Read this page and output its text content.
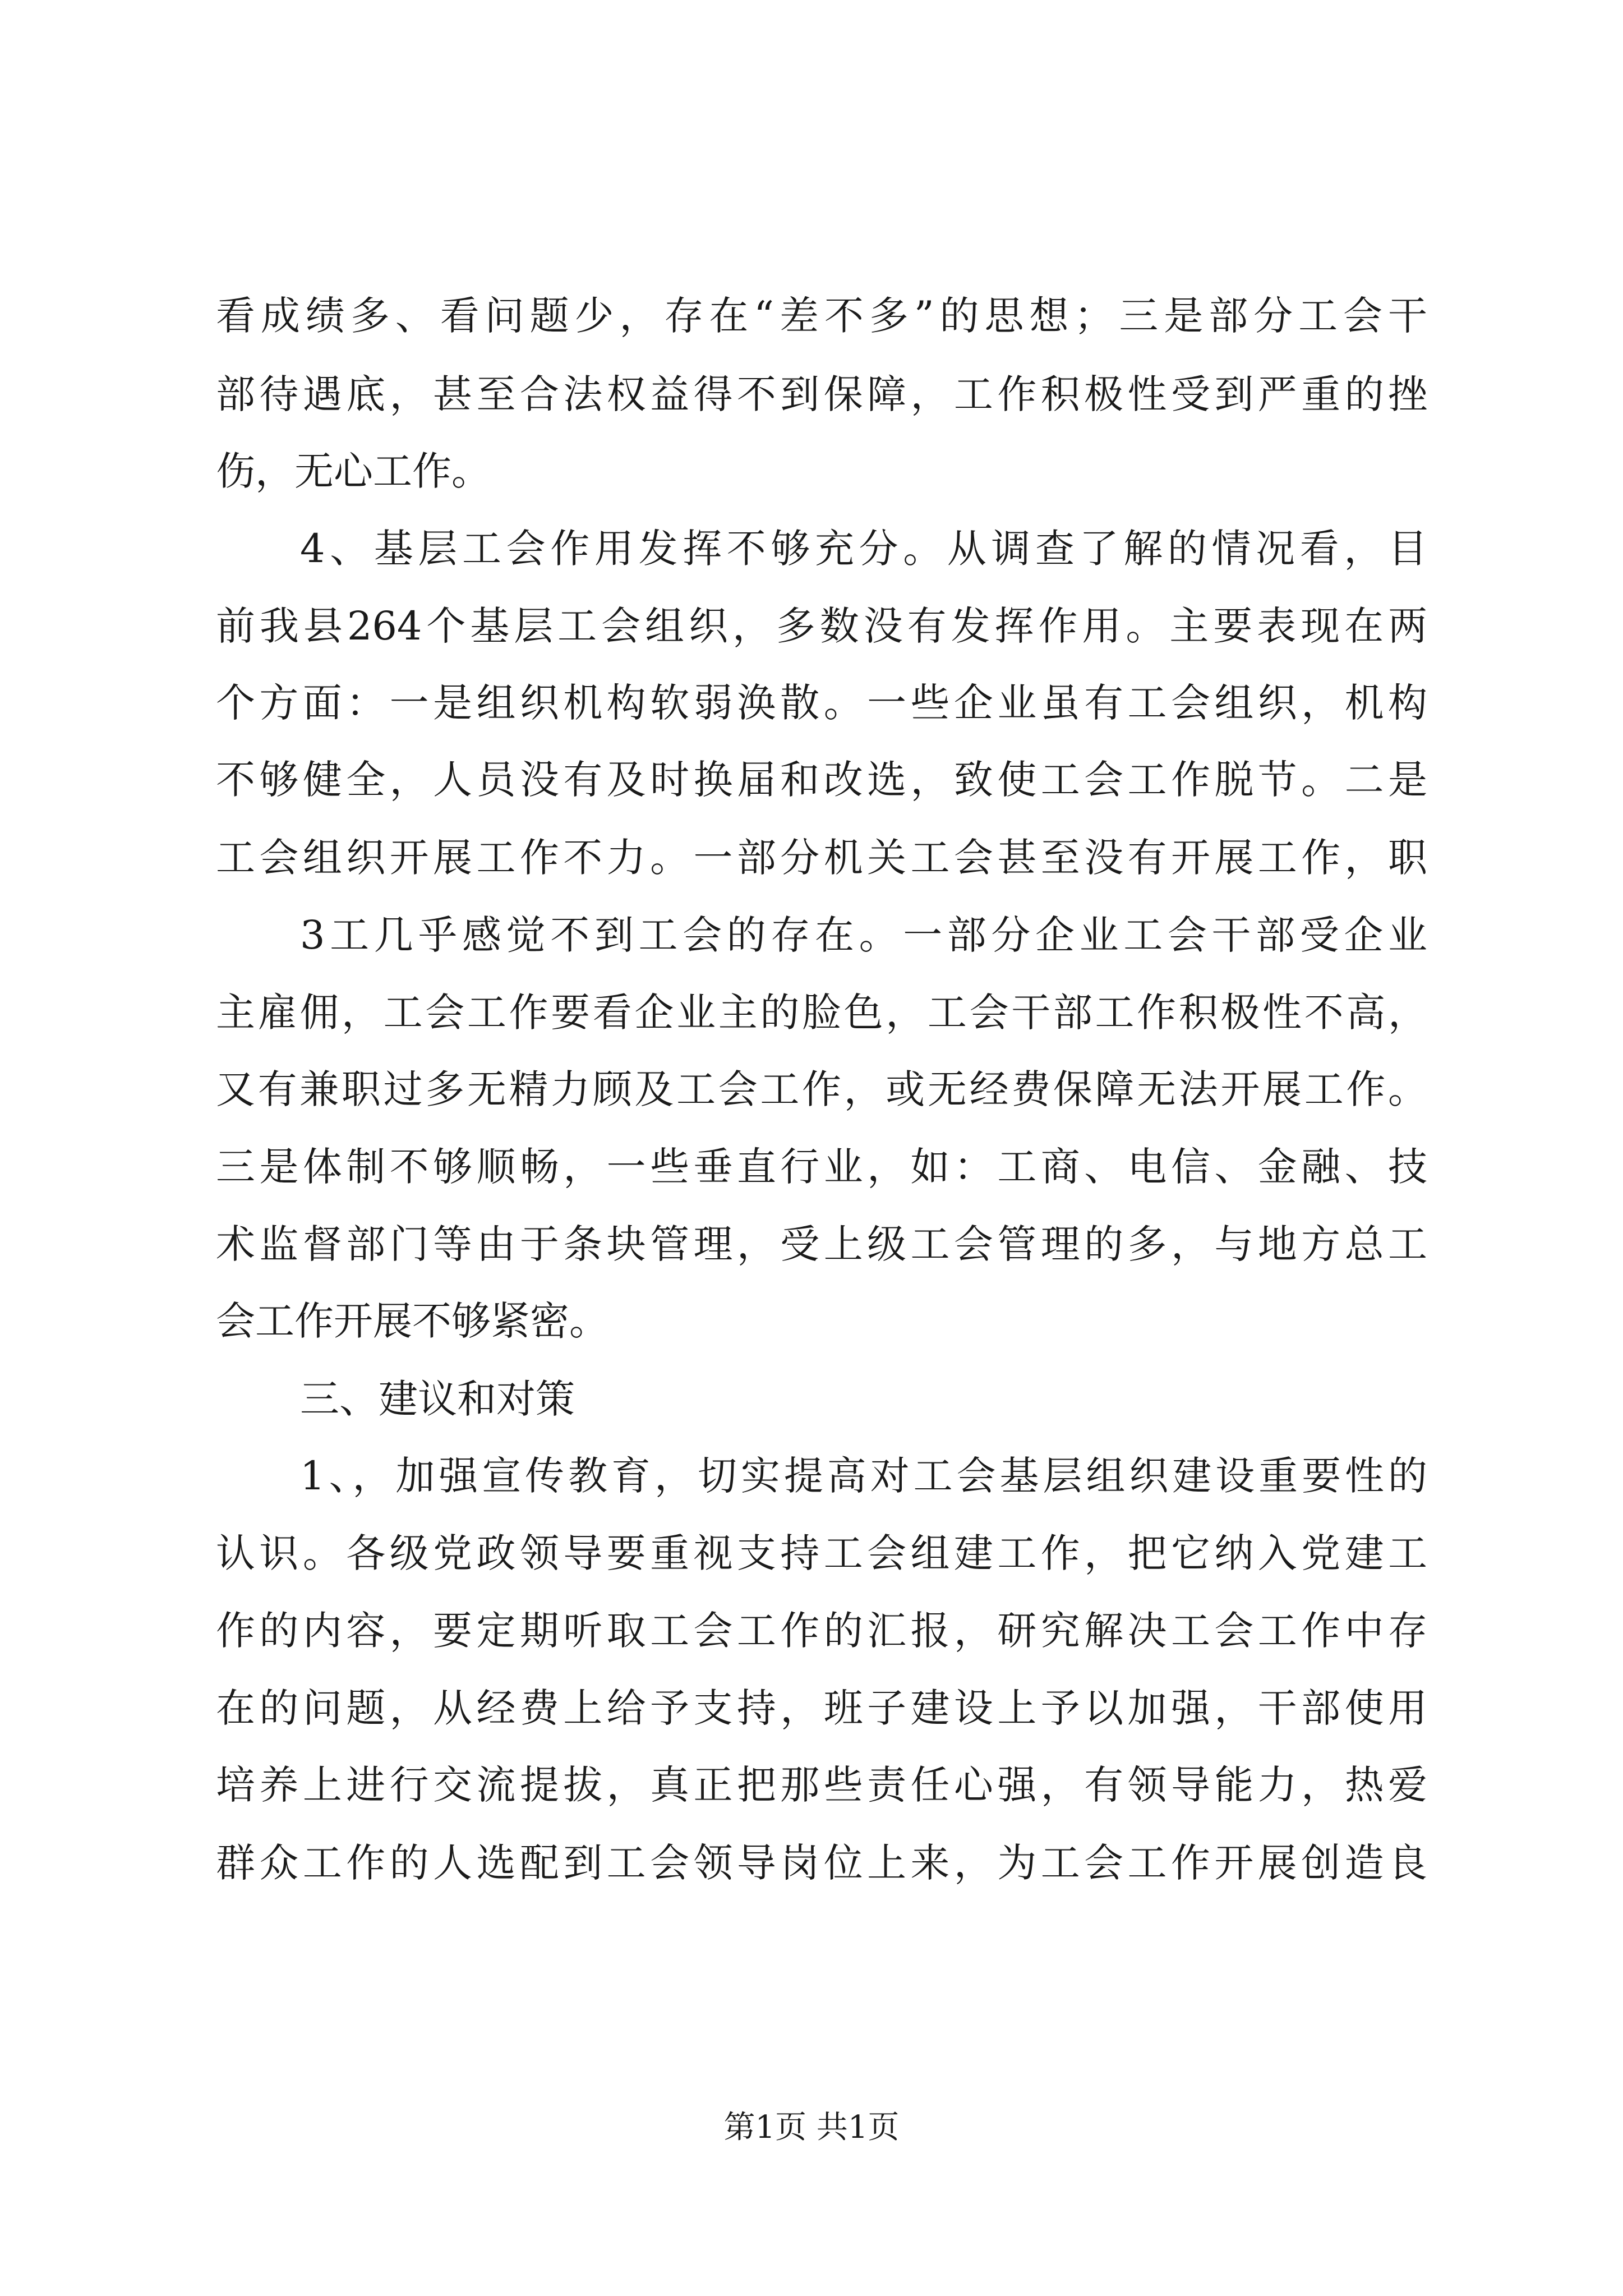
看成绩多、看问题少，存在“差不多”的思想；三是部分工会干
部待遇底，甚至合法权益得不到保障，工作积极性受到严重的挫
伤，无心工作。
4、基层工会作用发挥不够充分。从调查了解的情况看，目
前我县264个基层工会组织，多数没有发挥作用。主要表现在两
个方面：一是组织机构软弱涣散。一些企业虽有工会组织，机构
不够健全，人员没有及时换届和改选，致使工会工作脱节。二是
工会组织开展工作不力。一部分机关工会甚至没有开展工作，职
3工几乎感觉不到工会的存在。一部分企业工会干部受企业
主雇佣，工会工作要看企业主的脸色，工会干部工作积极性不高，
又有兼职过多无精力顾及工会工作，或无经费保障无法开展工作。
三是体制不够顺畅，一些垂直行业，如：工商、电信、金融、技
术监督部门等由于条块管理，受上级工会管理的多，与地方总工
会工作开展不够紧密。
三、建议和对策
1、，加强宣传教育，切实提高对工会基层组织建设重要性的
认识。各级党政领导要重视支持工会组建工作，把它纳入党建工
作的内容，要定期听取工会工作的汇报，研究解决工会工作中存
在的问题，从经费上给予支持，班子建设上予以加强，干部使用
培养上进行交流提拔，真正把那些责任心强，有领导能力，热爱
群众工作的人选配到工会领导岗位上来，为工会工作开展创造良
第1页 共1页
